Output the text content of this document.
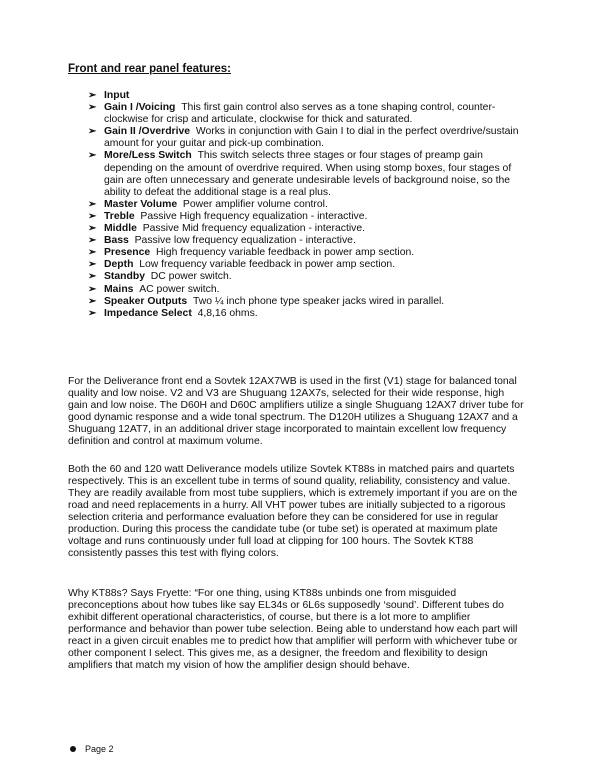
Front and rear panel features:
➢ Input
➢ Gain I /Voicing This first gain control also serves as a tone shaping control, counter-clockwise for crisp and articulate, clockwise for thick and saturated.
➢ Gain II /Overdrive Works in conjunction with Gain I to dial in the perfect overdrive/sustain amount for your guitar and pick-up combination.
➢ More/Less Switch This switch selects three stages or four stages of preamp gain depending on the amount of overdrive required. When using stomp boxes, four stages of gain are often unnecessary and generate undesirable levels of background noise, so the ability to defeat the additional stage is a real plus.
➢ Master Volume Power amplifier volume control.
➢ Treble Passive High frequency equalization - interactive.
➢ Middle Passive Mid frequency equalization - interactive.
➢ Bass Passive low frequency equalization - interactive.
➢ Presence High frequency variable feedback in power amp section.
➢ Depth Low frequency variable feedback in power amp section.
➢ Standby DC power switch.
➢ Mains AC power switch.
➢ Speaker Outputs Two ¼ inch phone type speaker jacks wired in parallel.
➢ Impedance Select 4,8,16 ohms.

For the Deliverance front end a Sovtek 12AX7WB is used in the first (V1) stage for balanced tonal quality and low noise. V2 and V3 are Shuguang 12AX7s, selected for their wide response, high gain and low noise. The D60H and D60C amplifiers utilize a single Shuguang 12AX7 driver tube for good dynamic response and a wide tonal spectrum. The D120H utilizes a Shuguang 12AX7 and a Shuguang 12AT7, in an additional driver stage incorporated to maintain excellent low frequency definition and control at maximum volume.

Both the 60 and 120 watt Deliverance models utilize Sovtek KT88s in matched pairs and quartets respectively. This is an excellent tube in terms of sound quality, reliability, consistency and value. They are readily available from most tube suppliers, which is extremely important if you are on the road and need replacements in a hurry. All VHT power tubes are initially subjected to a rigorous selection criteria and performance evaluation before they can be considered for use in regular production. During this process the candidate tube (or tube set) is operated at maximum plate voltage and runs continuously under full load at clipping for 100 hours. The Sovtek KT88 consistently passes this test with flying colors.

Why KT88s? Says Fryette: “For one thing, using KT88s unbinds one from misguided preconceptions about how tubes like say EL34s or 6L6s supposedly ‘sound’. Different tubes do exhibit different operational characteristics, of course, but there is a lot more to amplifier performance and behavior than power tube selection. Being able to understand how each part will react in a given circuit enables me to predict how that amplifier will perform with whichever tube or other component I select. This gives me, as a designer, the freedom and flexibility to design amplifiers that match my vision of how the amplifier design should behave.

Page 2
